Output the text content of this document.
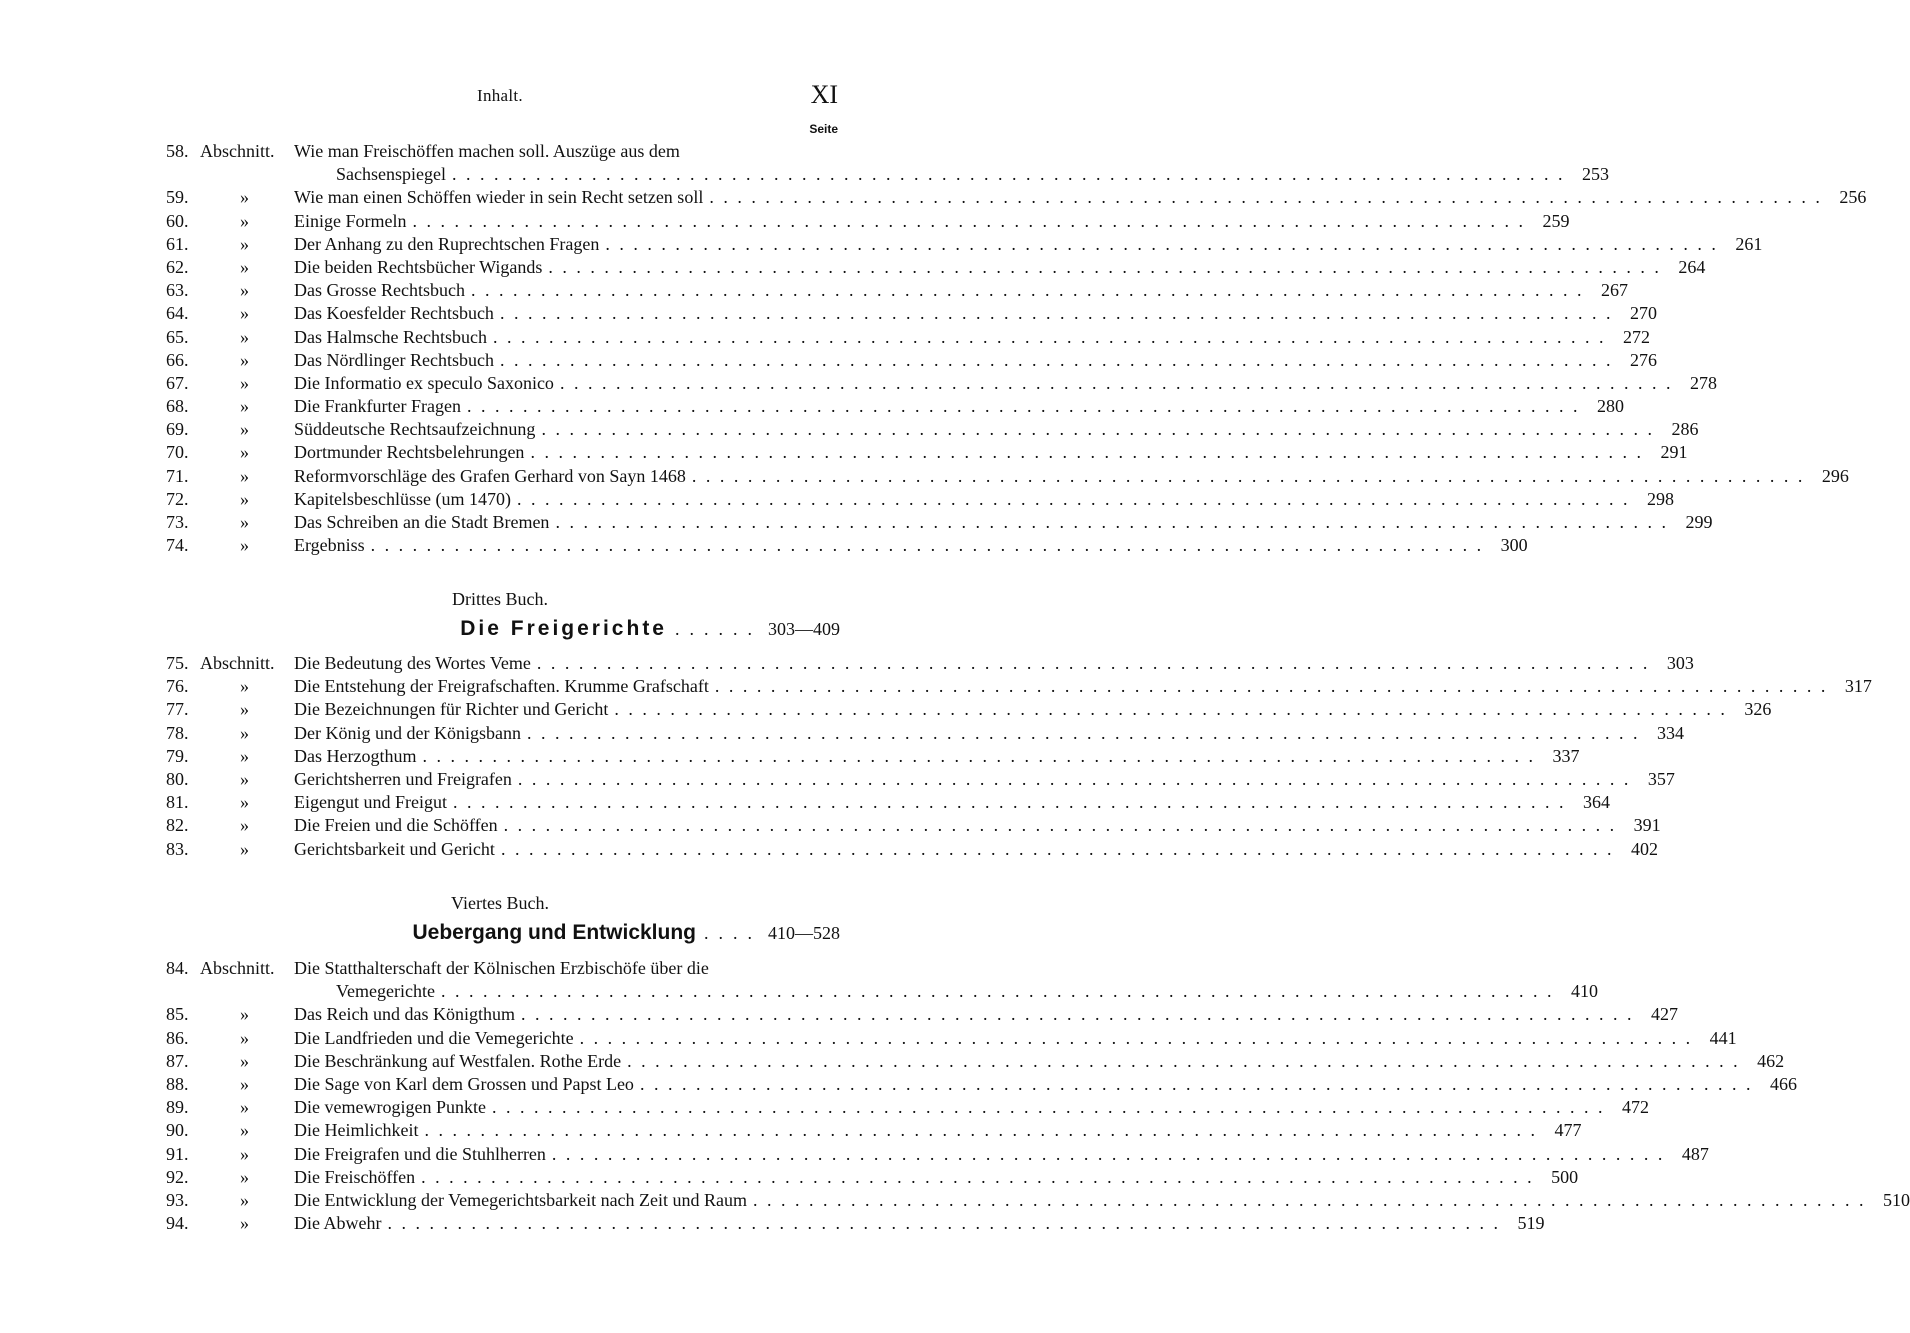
Inhalt.	XI
Seite
58. Abschnitt. Wie man Freischöffen machen soll. Auszüge aus dem
Sachsenspiegel ................................................................................ 253
59.	»	Wie man einen Schöffen wieder in sein Recht setzen soll ................................................................................ 256
60.	»	Einige Formeln ................................................................................ 259
61.	»	Der Anhang zu den Ruprechtschen Fragen ................................................................................ 261
62.	»	Die beiden Rechtsbücher Wigands ................................................................................ 264
63.	»	Das Grosse Rechtsbuch ................................................................................ 267
64.	»	Das Koesfelder Rechtsbuch ................................................................................ 270
65.	»	Das Halmsche Rechtsbuch ................................................................................ 272
66.	»	Das Nördlinger Rechtsbuch ................................................................................ 276
67.	»	Die Informatio ex speculo Saxonico ................................................................................ 278
68.	»	Die Frankfurter Fragen ................................................................................ 280
69.	»	Süddeutsche Rechtsaufzeichnung ................................................................................ 286
70.	»	Dortmunder Rechtsbelehrungen ................................................................................ 291
71.	»	Reformvorschläge des Grafen Gerhard von Sayn 1468 ................................................................................ 296
72.	»	Kapitelsbeschlüsse (um 1470) ................................................................................ 298
73.	»	Das Schreiben an die Stadt Bremen ................................................................................ 299
74.	»	Ergebniss ................................................................................ 300
Drittes Buch.
Die Freigerichte ...... 303—409
75. Abschnitt. Die Bedeutung des Wortes Veme ................................................................................ 303
76.	»	Die Entstehung der Freigrafschaften. Krumme Grafschaft ................................................................................ 317
77.	»	Die Bezeichnungen für Richter und Gericht ................................................................................ 326
78.	»	Der König und der Königsbann ................................................................................ 334
79.	»	Das Herzogthum ................................................................................ 337
80.	»	Gerichtsherren und Freigrafen ................................................................................ 357
81.	»	Eigengut und Freigut ................................................................................ 364
82.	»	Die Freien und die Schöffen ................................................................................ 391
83.	»	Gerichtsbarkeit und Gericht ................................................................................ 402
Viertes Buch.
Uebergang und Entwicklung .... 410—528
84. Abschnitt. Die Statthalterschaft der Kölnischen Erzbischöfe über die
Vemegerichte ................................................................................ 410
85.	»	Das Reich und das Königthum ................................................................................ 427
86.	»	Die Landfrieden und die Vemegerichte ................................................................................ 441
87.	»	Die Beschränkung auf Westfalen. Rothe Erde ................................................................................ 462
88.	»	Die Sage von Karl dem Grossen und Papst Leo ................................................................................ 466
89.	»	Die vemewrogigen Punkte ................................................................................ 472
90.	»	Die Heimlichkeit ................................................................................ 477
91.	»	Die Freigrafen und die Stuhlherren ................................................................................ 487
92.	»	Die Freischöffen ................................................................................ 500
93.	»	Die Entwicklung der Vemegerichtsbarkeit nach Zeit und Raum ................................................................................ 510
94.	»	Die Abwehr ................................................................................ 519
